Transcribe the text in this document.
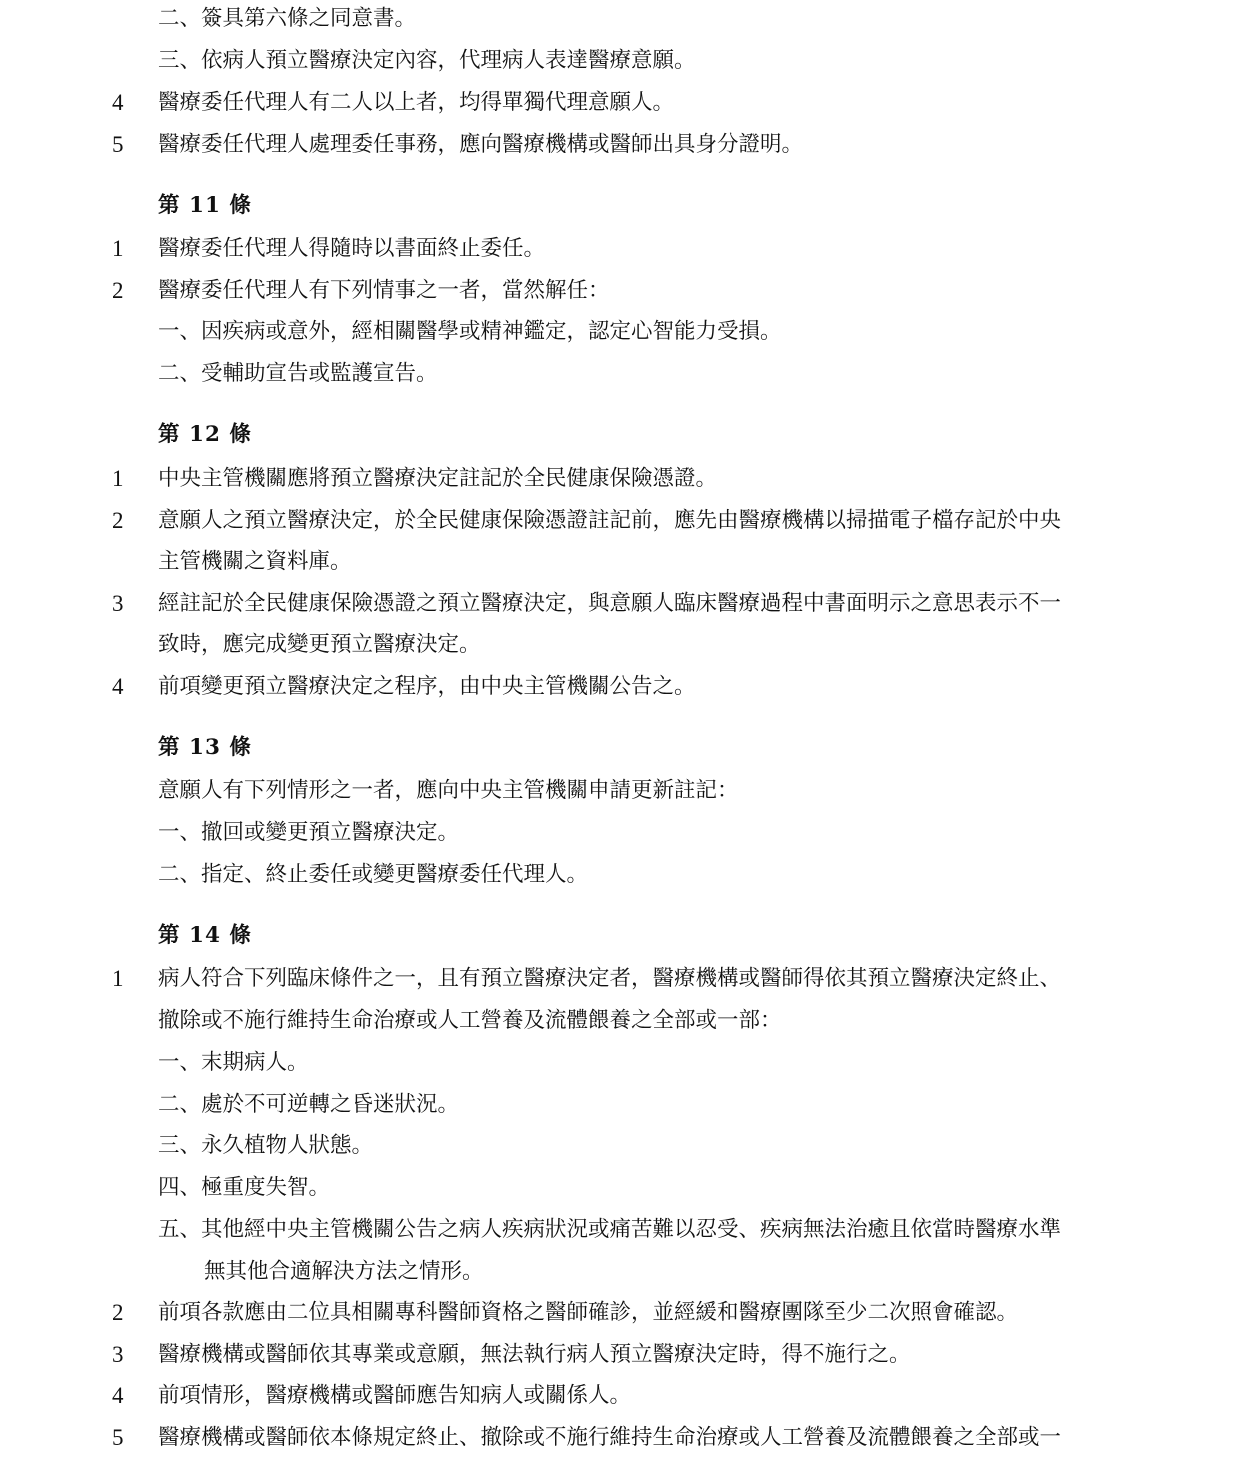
二、簽具第六條之同意書。
三、依病人預立醫療決定內容，代理病人表達醫療意願。
4 醫療委任代理人有二人以上者，均得單獨代理意願人。
5 醫療委任代理人處理委任事務，應向醫療機構或醫師出具身分證明。
第 11 條
1 醫療委任代理人得隨時以書面終止委任。
2 醫療委任代理人有下列情事之一者，當然解任：
一、因疾病或意外，經相關醫學或精神鑑定，認定心智能力受損。
二、受輔助宣告或監護宣告。
第 12 條
1 中央主管機關應將預立醫療決定註記於全民健康保險憑證。
2 意願人之預立醫療決定，於全民健康保險憑證註記前，應先由醫療機構以掃描電子檔存記於中央
主管機關之資料庫。
3 經註記於全民健康保險憑證之預立醫療決定，與意願人臨床醫療過程中書面明示之意思表示不一
致時，應完成變更預立醫療決定。
4 前項變更預立醫療決定之程序，由中央主管機關公告之。
第 13 條
意願人有下列情形之一者，應向中央主管機關申請更新註記：
一、撤回或變更預立醫療決定。
二、指定、終止委任或變更醫療委任代理人。
第 14 條
1 病人符合下列臨床條件之一，且有預立醫療決定者，醫療機構或醫師得依其預立醫療決定終止、
撤除或不施行維持生命治療或人工營養及流體餵養之全部或一部：
一、末期病人。
二、處於不可逆轉之昏迷狀況。
三、永久植物人狀態。
四、極重度失智。
五、其他經中央主管機關公告之病人疾病狀況或痛苦難以忍受、疾病無法治癒且依當時醫療水準
無其他合適解決方法之情形。
2 前項各款應由二位具相關專科醫師資格之醫師確診，並經緩和醫療團隊至少二次照會確認。
3 醫療機構或醫師依其專業或意願，無法執行病人預立醫療決定時，得不施行之。
4 前項情形，醫療機構或醫師應告知病人或關係人。
5 醫療機構或醫師依本條規定終止、撤除或不施行維持生命治療或人工營養及流體餵養之全部或一
